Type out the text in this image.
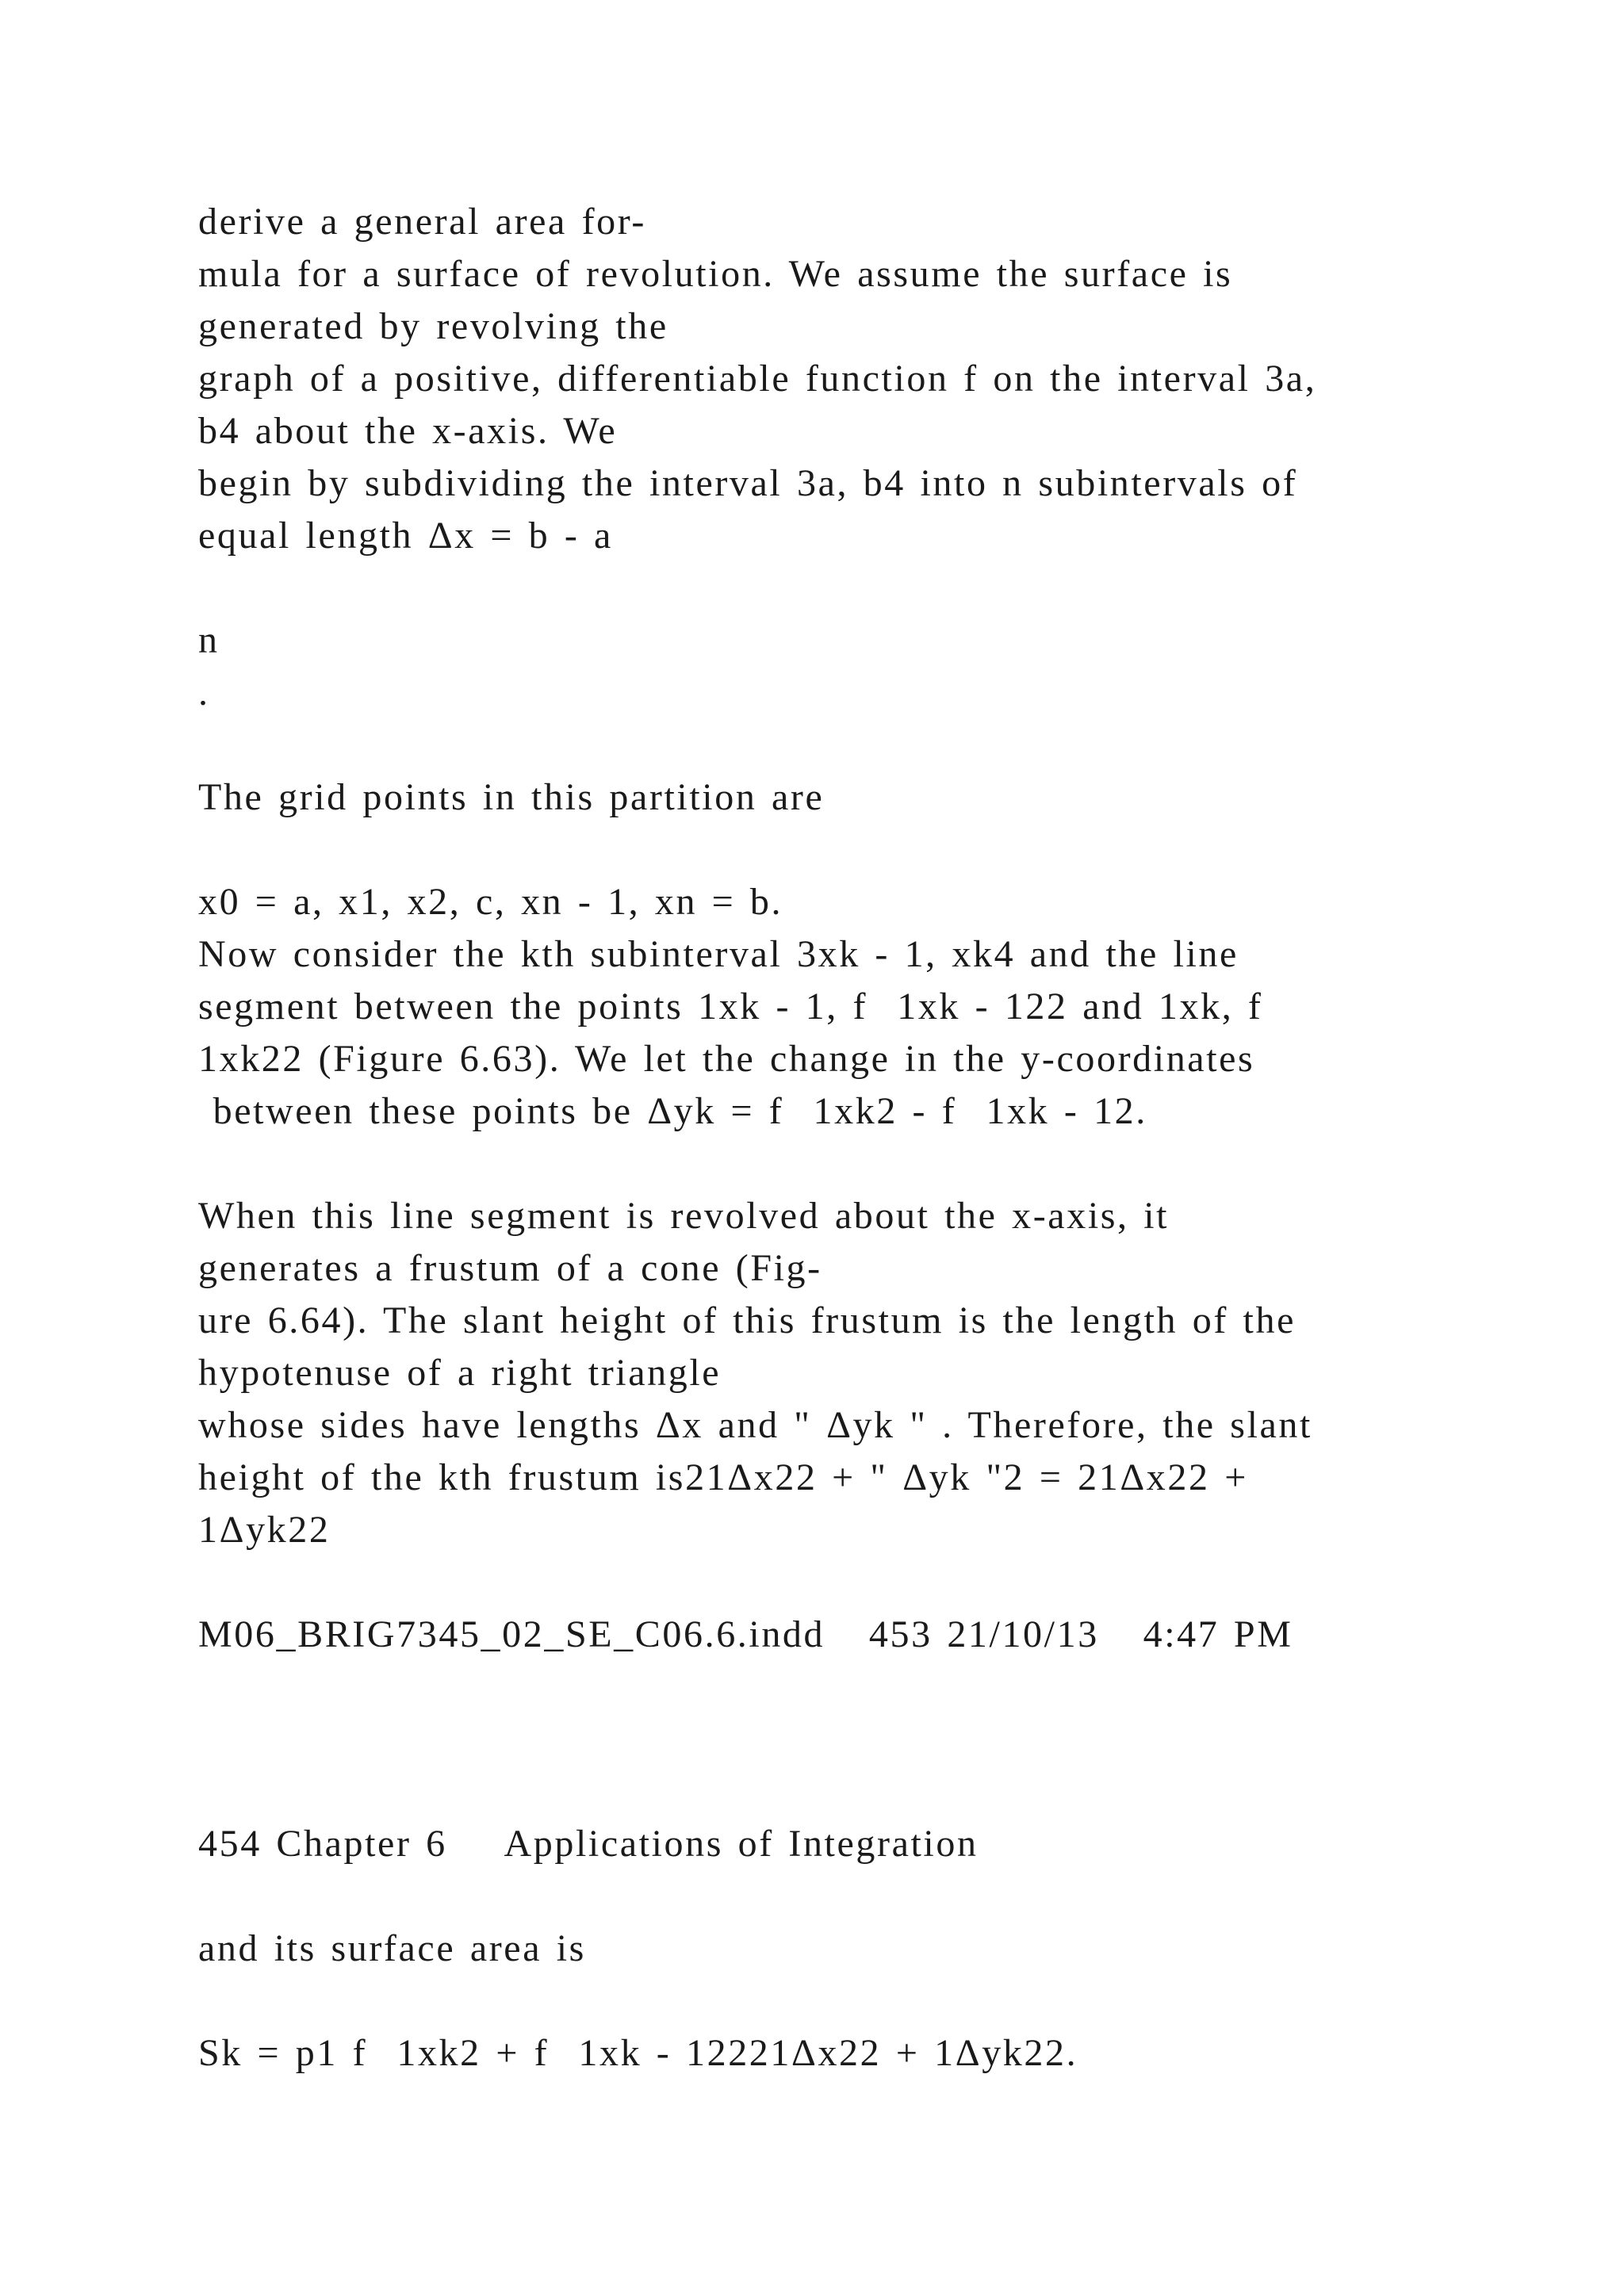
derive a general area for-

mula for a surface of revolution. We assume the surface is

generated by revolving the

graph of a positive, differentiable function f on the interval 3a,

b4 about the x-axis. We

begin by subdividing the interval 3a, b4 into n subintervals of

equal length Δx = b - a

n

.

The grid points in this partition are

x0 = a, x1, x2, c, xn - 1, xn = b.

Now consider the kth subinterval 3xk - 1, xk4 and the line

segment between the points 1xk - 1, f  1xk - 122 and 1xk, f

1xk22 (Figure 6.63). We let the change in the y-coordinates

between these points be Δyk = f  1xk2 - f  1xk - 12.

When this line segment is revolved about the x-axis, it

generates a frustum of a cone (Fig-

ure 6.64). The slant height of this frustum is the length of the

hypotenuse of a right triangle

whose sides have lengths Δx and " Δyk " . Therefore, the slant

height of the kth frustum is21Δx22 + " Δyk "2 = 21Δx22 +

1Δyk22

M06_BRIG7345_02_SE_C06.6.indd   453 21/10/13   4:47 PM

454 Chapter 6    Applications of Integration

and its surface area is

Sk = p1 f  1xk2 + f  1xk - 12221Δx22 + 1Δyk22.
